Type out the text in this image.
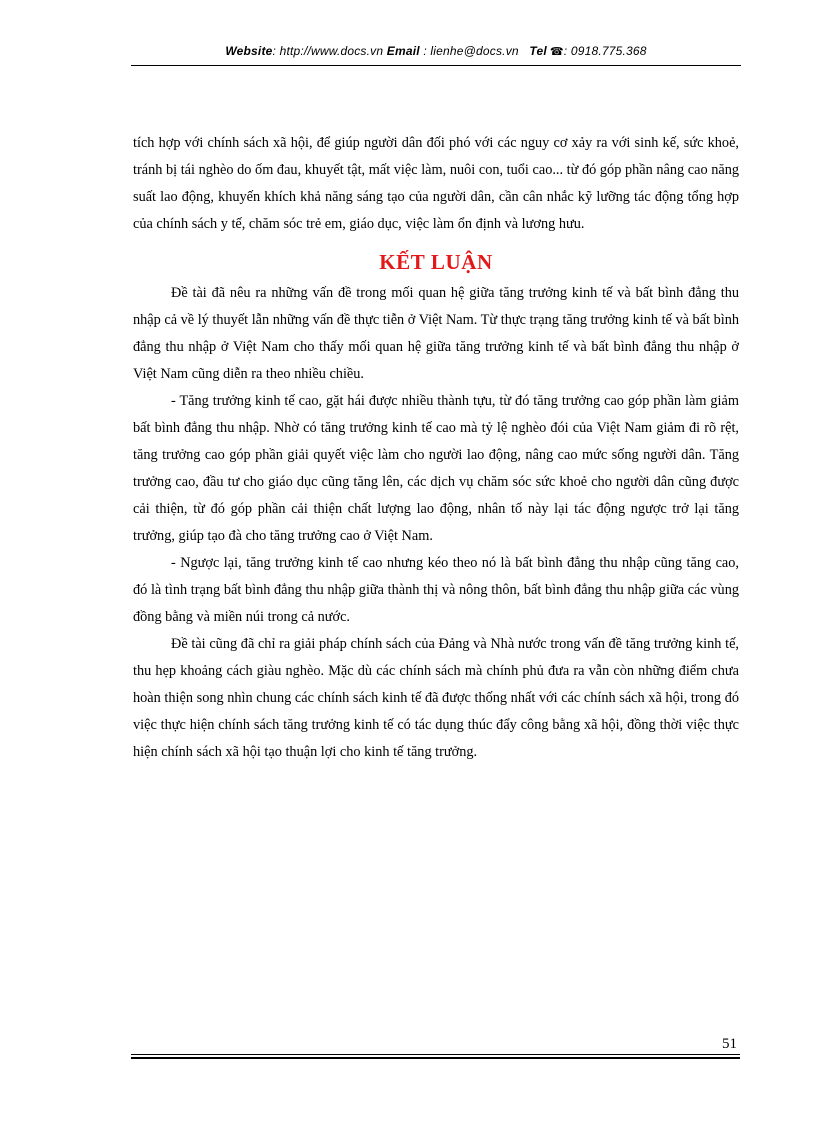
Website: http://www.docs.vn Email : lienhe@docs.vn Tel ☎: 0918.775.368

tích hợp với chính sách xã hội, để giúp người dân đối phó với các nguy cơ xảy ra với sinh kế, sức khoẻ, tránh bị tái nghèo do ốm đau, khuyết tật, mất việc làm, nuôi con, tuổi cao... từ đó góp phần nâng cao năng suất lao động, khuyến khích khả năng sáng tạo của người dân, cần cân nhắc kỹ lưỡng tác động tổng hợp của chính sách y tế, chăm sóc trẻ em, giáo dục, việc làm ổn định và lương hưu.

KẾT LUẬN

Đề tài đã nêu ra những vấn đề trong mối quan hệ giữa tăng trưởng kinh tế và bất bình đẳng thu nhập cả về lý thuyết lẫn những vấn đề thực tiễn ở Việt Nam. Từ thực trạng tăng trưởng kinh tế và bất bình đẳng thu nhập ở Việt Nam cho thấy mối quan hệ giữa tăng trưởng kinh tế và bất bình đẳng thu nhập ở Việt Nam cũng diễn ra theo nhiều chiều.

- Tăng trưởng kinh tế cao, gặt hái được nhiều thành tựu, từ đó tăng trưởng cao góp phần làm giảm bất bình đẳng thu nhập. Nhờ có tăng trưởng kinh tế cao mà tỷ lệ nghèo đói của Việt Nam giảm đi rõ rệt, tăng trưởng cao góp phần giải quyết việc làm cho người lao động, nâng cao mức sống người dân. Tăng trưởng cao, đầu tư cho giáo dục cũng tăng lên, các dịch vụ chăm sóc sức khoẻ cho người dân cũng được cải thiện, từ đó góp phần cải thiện chất lượng lao động, nhân tố này lại tác động ngược trở lại tăng trưởng, giúp tạo đà cho tăng trưởng cao ở Việt Nam.

- Ngược lại, tăng trưởng kinh tế cao nhưng kéo theo nó là bất bình đẳng thu nhập cũng tăng cao, đó là tình trạng bất bình đẳng thu nhập giữa thành thị và nông thôn, bất bình đẳng thu nhập giữa các vùng đồng bằng và miền núi trong cả nước.

Đề tài cũng đã chỉ ra giải pháp chính sách của Đảng và Nhà nước trong vấn đề tăng trưởng kinh tế, thu hẹp khoảng cách giàu nghèo. Mặc dù các chính sách mà chính phủ đưa ra vẫn còn những điểm chưa hoàn thiện song nhìn chung các chính sách kinh tế đã được thống nhất với các chính sách xã hội, trong đó việc thực hiện chính sách tăng trưởng kinh tế có tác dụng thúc đẩy công bằng xã hội, đồng thời việc thực hiện chính sách xã hội tạo thuận lợi cho kinh tế tăng trưởng.

51
